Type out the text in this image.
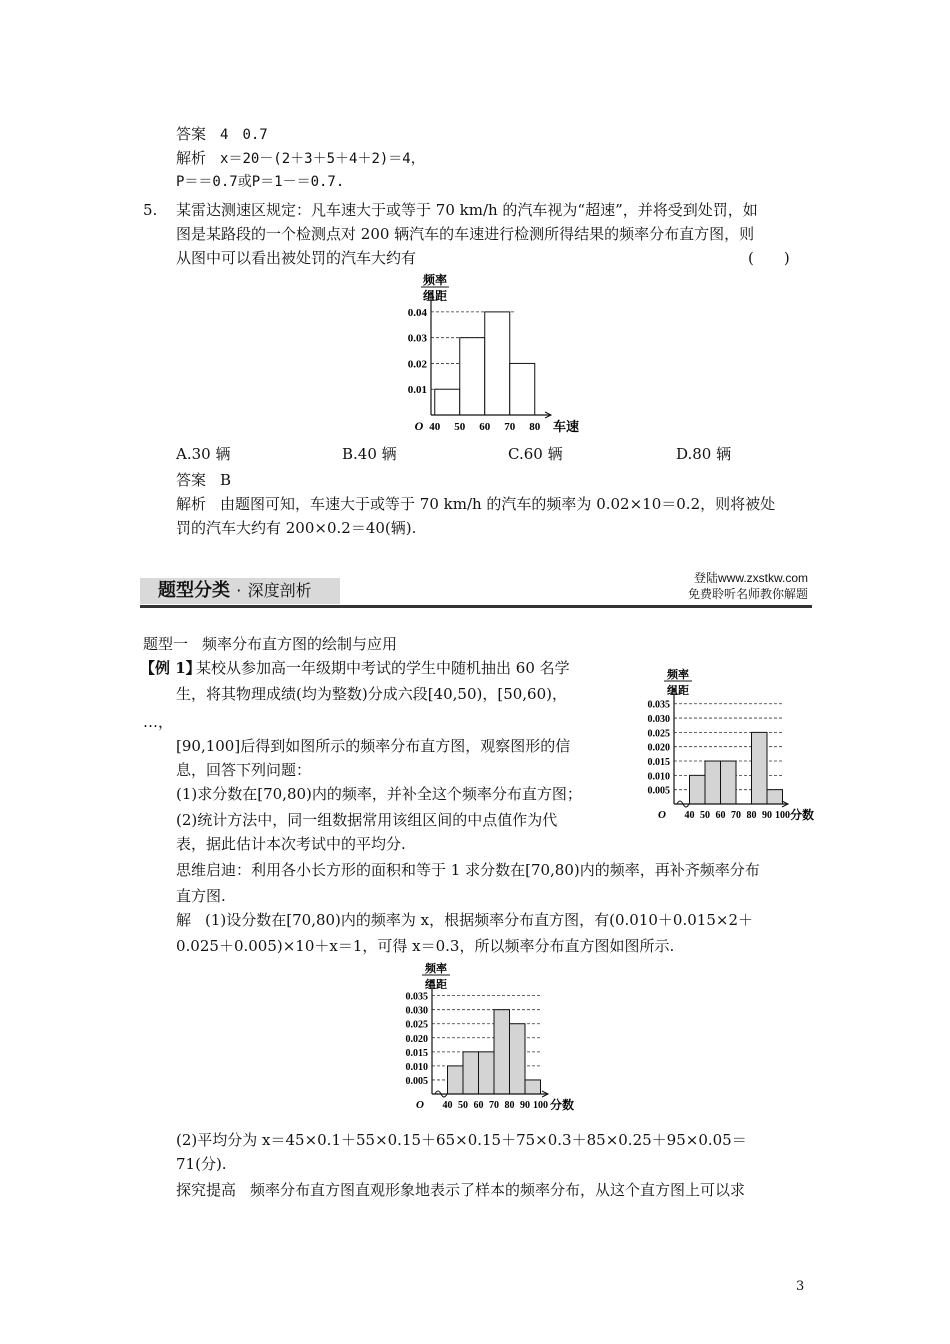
答案 4　0.7
解析 x＝20－(2＋3＋5＋4＋2)＝4，
P＝＝0.7或P＝1－＝0.7.
5. 某雷达测速区规定：凡车速大于或等于 70 km/h 的汽车视为“超速”，并将受到处罚，如
图是某路段的一个检测点对 200 辆汽车的车速进行检测所得结果的频率分布直方图，则
从图中可以看出被处罚的汽车大约有	(　　)
频率
组距
0.01
0.02
0.03
0.04
40 50 60 70 80
O	车速
A.30 辆	B.40 辆	C.60 辆	D.80 辆
答案 B
解析 由题图可知，车速大于或等于 70 km/h 的汽车的频率为 0.02×10＝0.2，则将被处
罚的汽车大约有 200×0.2＝40(辆).
题型分类 · 深度剖析
登陆www.zxstkw.com
免费聆听名师教你解题
题型一 频率分布直方图的绘制与应用
【例 1】
某校从参加高一年级期中考试的学生中随机抽出 60 名学
生，将其物理成绩(均为整数)分成六段[40,50)，[50,60)，
…，
[90,100]后得到如图所示的频率分布直方图，观察图形的信
息，回答下列问题：
(1)求分数在[70,80)内的频率，并补全这个频率分布直方图；
(2)统计方法中，同一组数据常用该组区间的中点值作为代
表，据此估计本次考试中的平均分.
频率
组距
0.005
0.010
0.015
0.020
0.025
0.030
0.035
40 50 60 70 80 90 100
O	分数
思维启迪：利用各小长方形的面积和等于 1 求分数在[70,80)内的频率，再补齐频率分布
直方图.
解 (1)设分数在[70,80)内的频率为 x，根据频率分布直方图，有(0.010＋0.015×2＋
0.025＋0.005)×10＋x＝1，可得 x＝0.3，所以频率分布直方图如图所示.
频率
组距
0.005
0.010
0.015
0.020
0.025
0.030
0.035
40 50 60 70 80 90 100
O	分数
(2)平均分为 x＝45×0.1＋55×0.15＋65×0.15＋75×0.3＋85×0.25＋95×0.05＝
71(分).
探究提高 频率分布直方图直观形象地表示了样本的频率分布，从这个直方图上可以求
3
